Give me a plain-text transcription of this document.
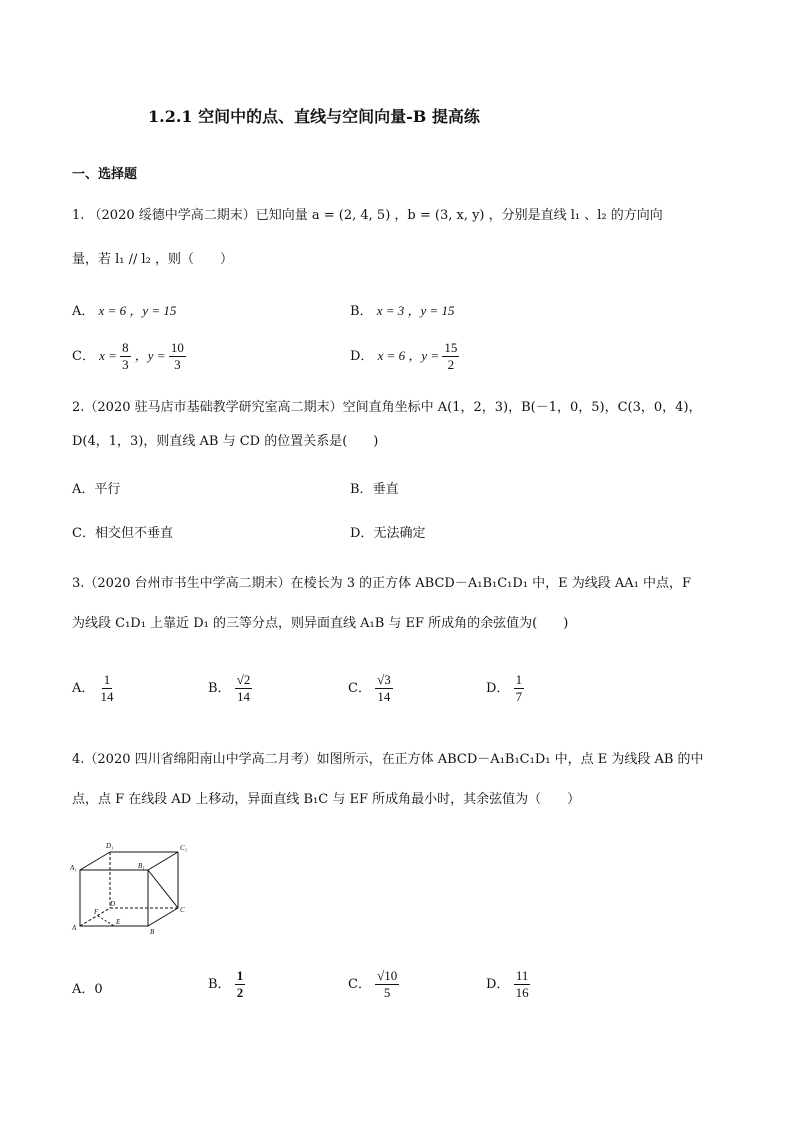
1.2.1 空间中的点、直线与空间向量-B 提高练
一、选择题
1. （2020 绥德中学高二期末）已知向量 a = (2, 4, 5) ，b = (3, x, y) ，分别是直线 l₁ 、l₂ 的方向向
量，若 l₁ // l₂ ，则（　　）
A． x = 6 ，y = 15	B． x = 3 ，y = 15
C． $x = \frac{8}{3}$ ，$y = \frac{10}{3}$	D． x = 6 ，$y = \frac{15}{2}$
2.（2020 驻马店市基础教学研究室高二期末）空间直角坐标中 A(1，2，3)，B(－1，0，5)，C(3，0，4)，
D(4，1，3)，则直线 AB 与 CD 的位置关系是(　　)
A．平行	B．垂直
C．相交但不垂直	D．无法确定
3.（2020 台州市书生中学高二期末）在棱长为 3 的正方体 ABCD－A₁B₁C₁D₁ 中，E 为线段 AA₁ 中点，F
为线段 C₁D₁ 上靠近 D₁ 的三等分点，则异面直线 A₁B 与 EF 所成角的余弦值为(　　)
A． $\frac{1}{14}$	B． $\frac{√2}{14}$	C． $\frac{√3}{14}$	D． $\frac{1}{7}$
4.（2020 四川省绵阳南山中学高二月考）如图所示，在正方体 ABCD－A₁B₁C₁D₁ 中，点 E 为线段 AB 的中
点，点 F 在线段 AD 上移动，异面直线 B₁C 与 EF 所成角最小时，其余弦值为（　　）
D₁	C₁
A₁	B₁
D
C
F
E
A	B
A．0	B． $\frac{1}{2}$	C． $\frac{√10}{5}$	D． $\frac{11}{16}$
